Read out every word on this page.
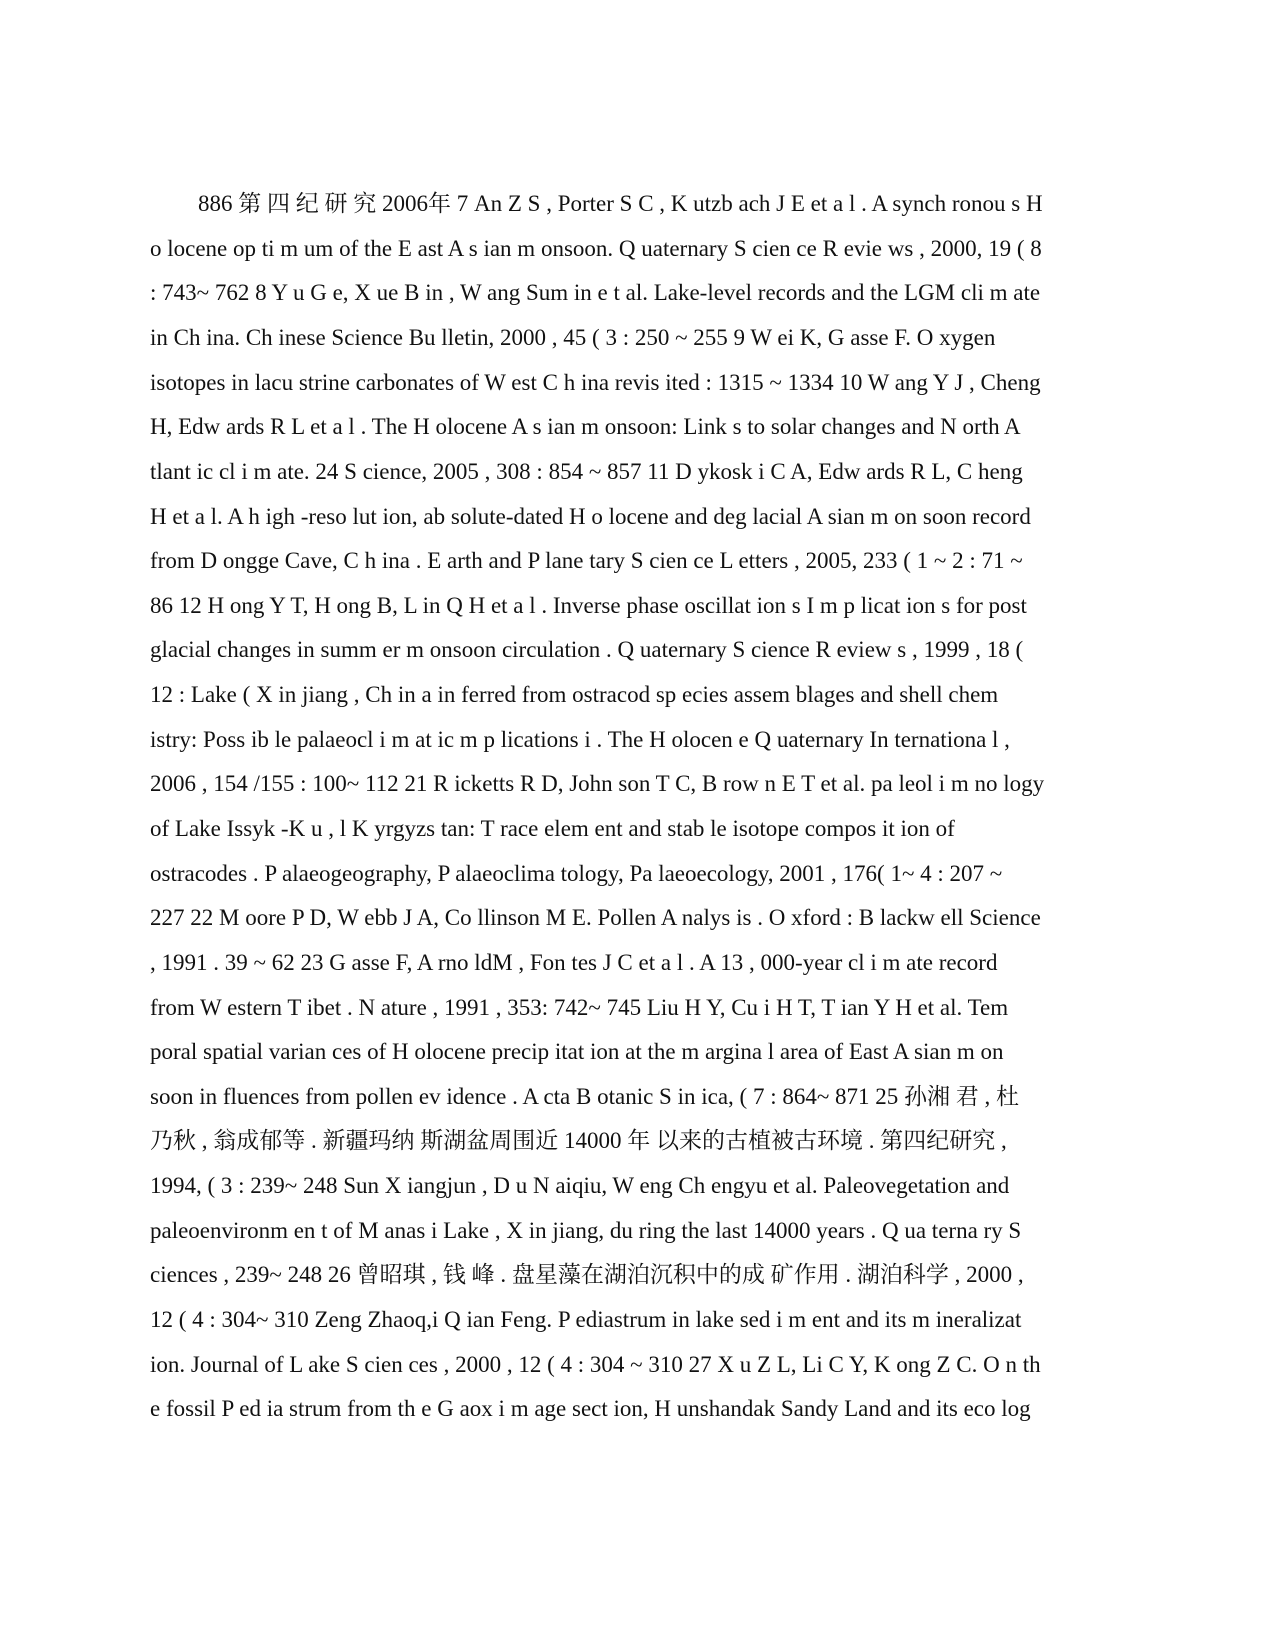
886 第 四 纪 研 究 2006年 7 An Z S , Porter S C , K utzb ach J E et a l . A synch ronou s H
o locene op ti m um of the E ast A s ian m onsoon. Q uaternary S cien ce R evie ws , 2000, 19 ( 8
: 743~ 762 8 Y u G e, X ue B in , W ang Sum in e t al. Lake-level records and the LGM cli m ate
in Ch ina. Ch inese Science Bu lletin, 2000 , 45 ( 3 : 250 ~ 255 9 W ei K, G asse F. O xygen
isotopes in lacu strine carbonates of W est C h ina revis ited : 1315 ~ 1334 10 W ang Y J , Cheng
H, Edw ards R L et a l . The H olocene A s ian m onsoon: Link s to solar changes and N orth A
tlant ic cl i m ate. 24 S cience, 2005 , 308 : 854 ~ 857 11 D ykosk i C A, Edw ards R L, C heng
H et a l. A h igh -reso lut ion, ab solute-dated H o locene and deg lacial A sian m on soon record
from D ongge Cave, C h ina . E arth and P lane tary S cien ce L etters , 2005, 233 ( 1 ~ 2 : 71 ~
86 12 H ong Y T, H ong B, L in Q H et a l . Inverse phase oscillat ion s I m p licat ion s for post
glacial changes in summ er m onsoon circulation . Q uaternary S cience R eview s , 1999 , 18 (
12 : Lake ( X in jiang , Ch in a in ferred from ostracod sp ecies assem blages and shell chem
istry: Poss ib le palaeocl i m at ic m p lications i . The H olocen e Q uaternary In ternationa l ,
2006 , 154 /155 : 100~ 112 21 R icketts R D, John son T C, B row n E T et al. pa leol i m no logy
of Lake Issyk -K u , l K yrgyzs tan: T race elem ent and stab le isotope compos it ion of
ostracodes . P alaeogeography, P alaeoclima tology, Pa laeoecology, 2001 , 176( 1~ 4 : 207 ~
227 22 M oore P D, W ebb J A, Co llinson M E. Pollen A nalys is . O xford : B lackw ell Science
, 1991 . 39 ~ 62 23 G asse F, A rno ldM , Fon tes J C et a l . A 13 , 000-year cl i m ate record
from W estern T ibet . N ature , 1991 , 353: 742~ 745 Liu H Y, Cu i H T, T ian Y H et al. Tem
poral spatial varian ces of H olocene precip itat ion at the m argina l area of East A sian m on
soon in fluences from pollen ev idence . A cta B otanic S in ica, ( 7 : 864~ 871 25 孙湘 君 , 杜
乃秋 , 翁成郁等 . 新疆玛纳 斯湖盆周围近 14000 年 以来的古植被古环境 . 第四纪研究 ,
1994, ( 3 : 239~ 248 Sun X iangjun , D u N aiqiu, W eng Ch engyu et al. Paleovegetation and
paleoenvironm en t of M anas i Lake , X in jiang, du ring the last 14000 years . Q ua terna ry S
ciences , 239~ 248 26 曾昭琪 , 钱 峰 . 盘星藻在湖泊沉积中的成 矿作用 . 湖泊科学 , 2000 ,
12 ( 4 : 304~ 310 Zeng Zhaoq,i Q ian Feng. P ediastrum in lake sed i m ent and its m ineralizat
ion. Journal of L ake S cien ces , 2000 , 12 ( 4 : 304 ~ 310 27 X u Z L, Li C Y, K ong Z C. O n th
e fossil P ed ia strum from th e G aox i m age sect ion, H unshandak Sandy Land and its eco log
